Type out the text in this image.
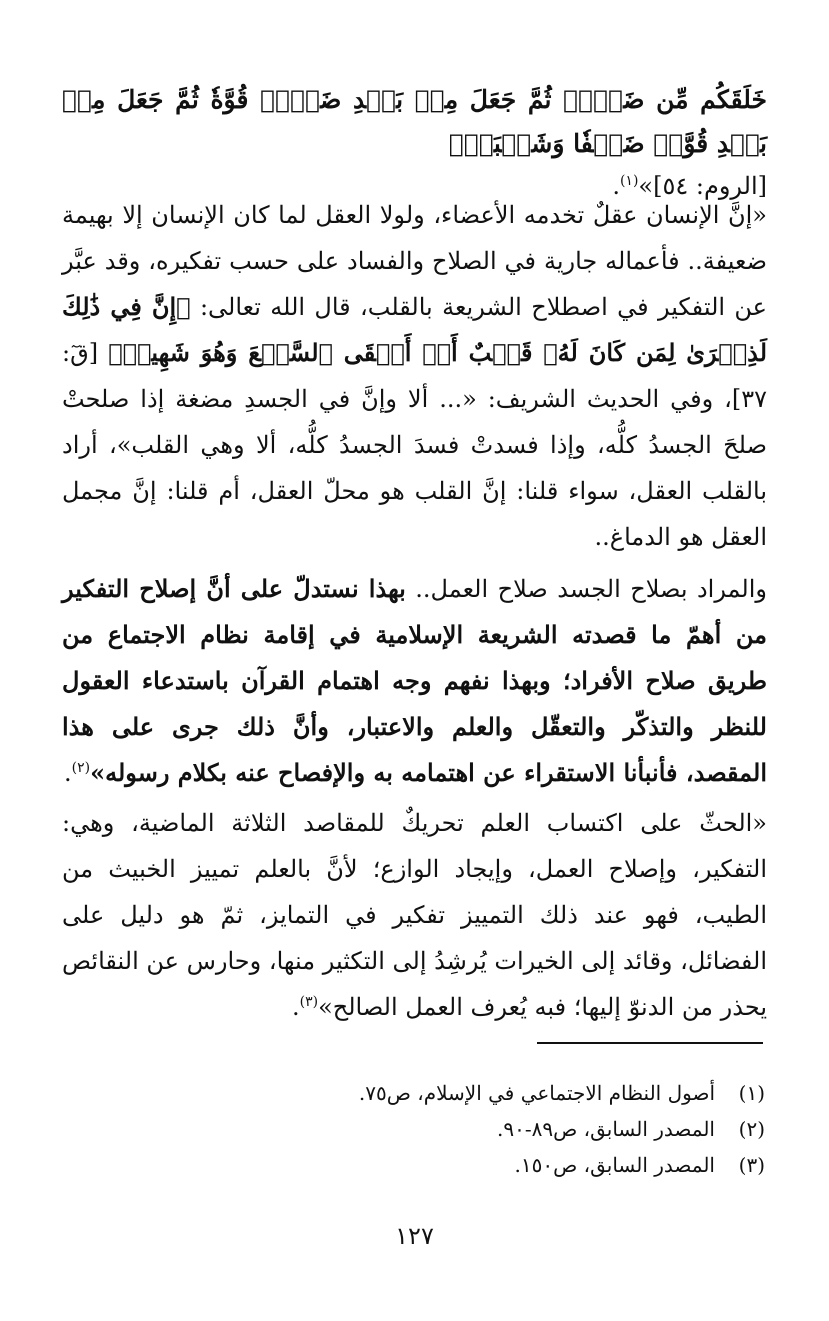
خَلَقَكُم مِّن ضَعۡفٖ ثُمَّ جَعَلَ مِنۢ بَعۡدِ ضَعۡفٖ قُوَّةٗ ثُمَّ جَعَلَ مِنۢ بَعۡدِ قُوَّةٖ ضَعۡفٗا وَشَيۡبَةٗۚ
[الروم: ٥٤]»$^{(١)}$.
«إنَّ الإنسان عقلٌ تخدمه الأعضاء، ولولا العقل لما كان الإنسان إلا بهيمة ضعيفة.. فأعماله جارية في الصلاح والفساد على حسب تفكيره، وقد عبَّر عن التفكير في اصطلاح الشريعة بالقلب، قال الله تعالى: ﴿إِنَّ فِي ذَٰلِكَ لَذِكۡرَىٰ لِمَن كَانَ لَهُۥ قَلۡبٌ أَوۡ أَلۡقَى ٱلسَّمۡعَ وَهُوَ شَهِيدٞ﴾ [قٓ: ٣٧]، وفي الحديث الشريف: «... ألا وإنَّ في الجسدِ مضغة إذا صلحتْ صلحَ الجسدُ كلُّه، وإذا فسدتْ فسدَ الجسدُ كلُّه، ألا وهي القلب»، أراد بالقلب العقل، سواء قلنا: إنَّ القلب هو محلّ العقل، أم قلنا: إنَّ مجمل العقل هو الدماغ..
والمراد بصلاح الجسد صلاح العمل.. بهذا نستدلّ على أنَّ إصلاح التفكير من أهمّ ما قصدته الشريعة الإسلامية في إقامة نظام الاجتماع من طريق صلاح الأفراد؛ وبهذا نفهم وجه اهتمام القرآن باستدعاء العقول للنظر والتذكّر والتعقّل والعلم والاعتبار، وأنَّ ذلك جرى على هذا المقصد، فأنبأنا الاستقراء عن اهتمامه به والإفصاح عنه بكلام رسوله»$^{(٢)}$.
«الحثّ على اكتساب العلم تحريكٌ للمقاصد الثلاثة الماضية، وهي: التفكير، وإصلاح العمل، وإيجاد الوازع؛ لأنَّ بالعلم تمييز الخبيث من الطيب، فهو عند ذلك التمييز تفكير في التمايز، ثمّ هو دليل على الفضائل، وقائد إلى الخيرات يُرشِدُ إلى التكثير منها، وحارس عن النقائص يحذر من الدنوّ إليها؛ فبه يُعرف العمل الصالح»$^{(٣)}$.
(١)
أصول النظام الاجتماعي في الإسلام، ص٧٥.
(٢)
المصدر السابق، ص٨٩-٩٠.
(٣)
المصدر السابق، ص١٥٠.
١٢٧
